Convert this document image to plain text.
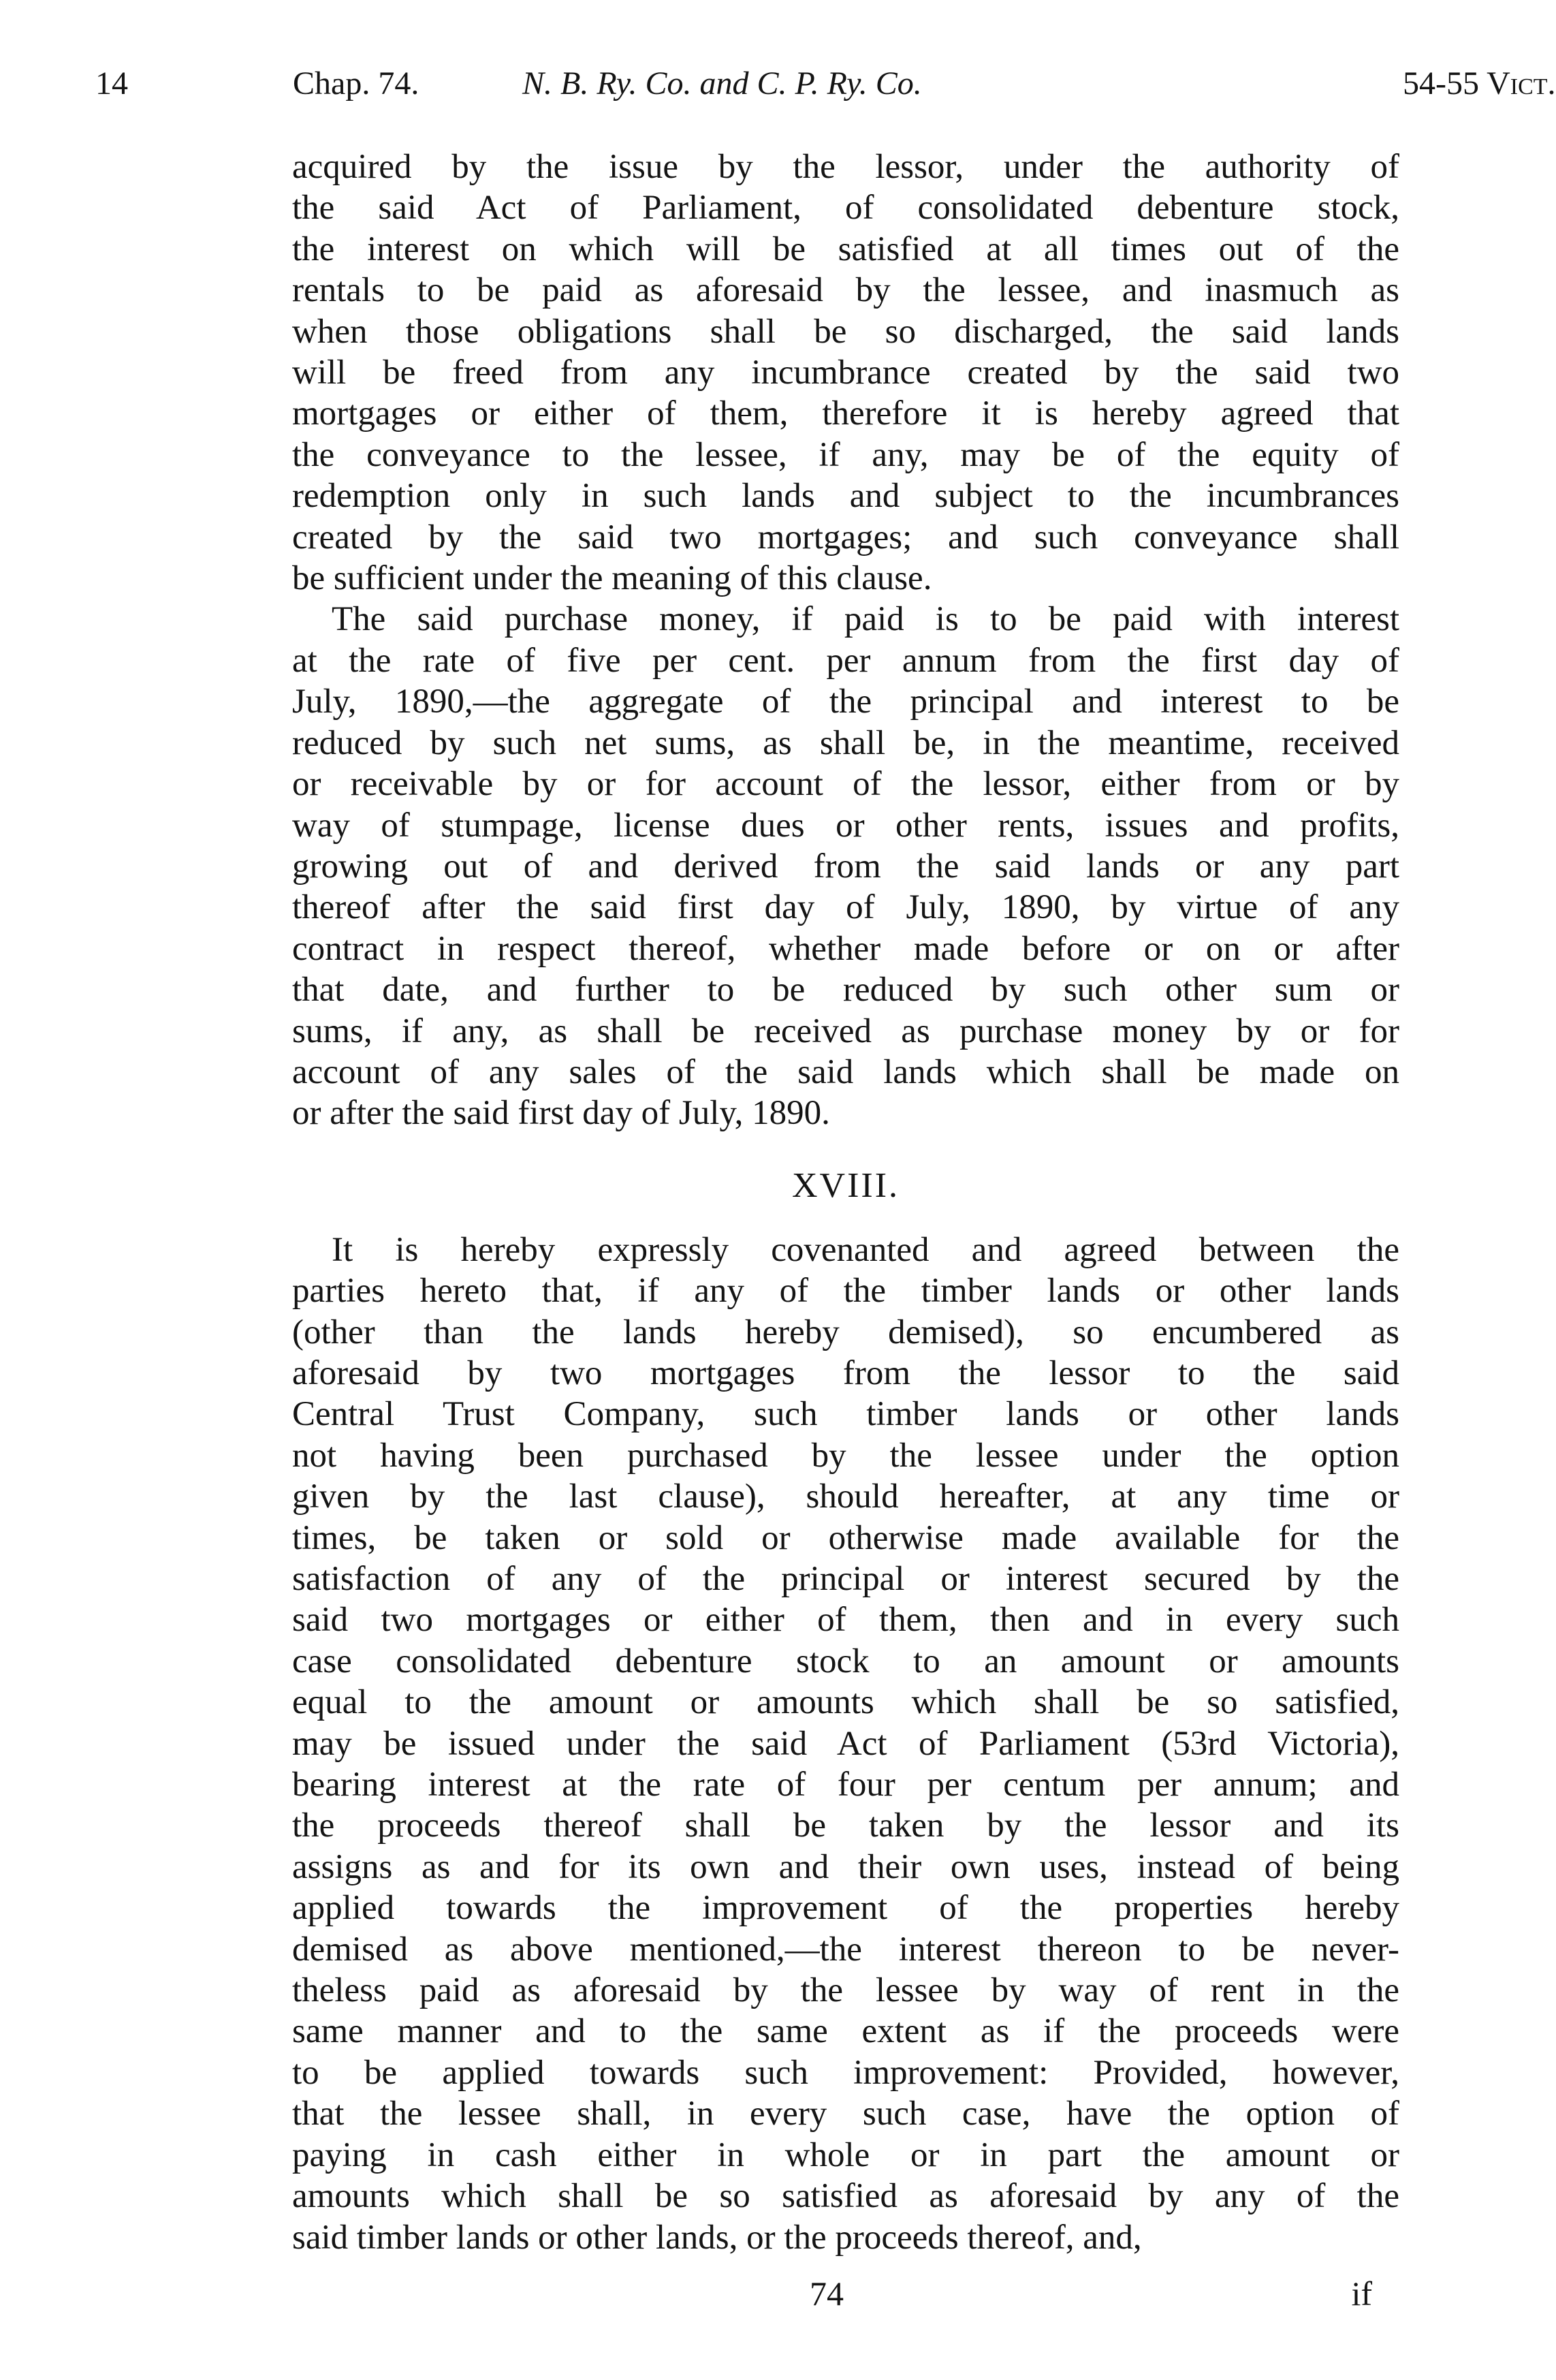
14	Chap. 74.	N. B. Ry. Co. and C. P. Ry. Co.	54-55 Vict.

acquired by the issue by the lessor, under the authority of
the said Act of Parliament, of consolidated debenture stock,
the interest on which will be satisfied at all times out of the
rentals to be paid as aforesaid by the lessee, and inasmuch as
when those obligations shall be so discharged, the said lands
will be freed from any incumbrance created by the said two
mortgages or either of them, therefore it is hereby agreed that
the conveyance to the lessee, if any, may be of the equity of
redemption only in such lands and subject to the incumbrances
created by the said two mortgages; and such conveyance shall
be sufficient under the meaning of this clause.

The said purchase money, if paid is to be paid with interest
at the rate of five per cent. per annum from the first day of
July, 1890,—the aggregate of the principal and interest to be
reduced by such net sums, as shall be, in the meantime, received
or receivable by or for account of the lessor, either from or by
way of stumpage, license dues or other rents, issues and profits,
growing out of and derived from the said lands or any part
thereof after the said first day of July, 1890, by virtue of any
contract in respect thereof, whether made before or on or after
that date, and further to be reduced by such other sum or
sums, if any, as shall be received as purchase money by or for
account of any sales of the said lands which shall be made on
or after the said first day of July, 1890.

XVIII.

It is hereby expressly covenanted and agreed between the
parties hereto that, if any of the timber lands or other lands
(other than the lands hereby demised), so encumbered as
aforesaid by two mortgages from the lessor to the said
Central Trust Company, such timber lands or other lands
not having been purchased by the lessee under the option
given by the last clause), should hereafter, at any time or
times, be taken or sold or otherwise made available for the
satisfaction of any of the principal or interest secured by the
said two mortgages or either of them, then and in every such
case consolidated debenture stock to an amount or amounts
equal to the amount or amounts which shall be so satisfied,
may be issued under the said Act of Parliament (53rd Victoria),
bearing interest at the rate of four per centum per annum; and
the proceeds thereof shall be taken by the lessor and its
assigns as and for its own and their own uses, instead of being
applied towards the improvement of the properties hereby
demised as above mentioned,—the interest thereon to be never-
theless paid as aforesaid by the lessee by way of rent in the
same manner and to the same extent as if the proceeds were
to be applied towards such improvement: Provided, however,
that the lessee shall, in every such case, have the option of
paying in cash either in whole or in part the amount or
amounts which shall be so satisfied as aforesaid by any of the
said timber lands or other lands, or the proceeds thereof, and,

74	if
